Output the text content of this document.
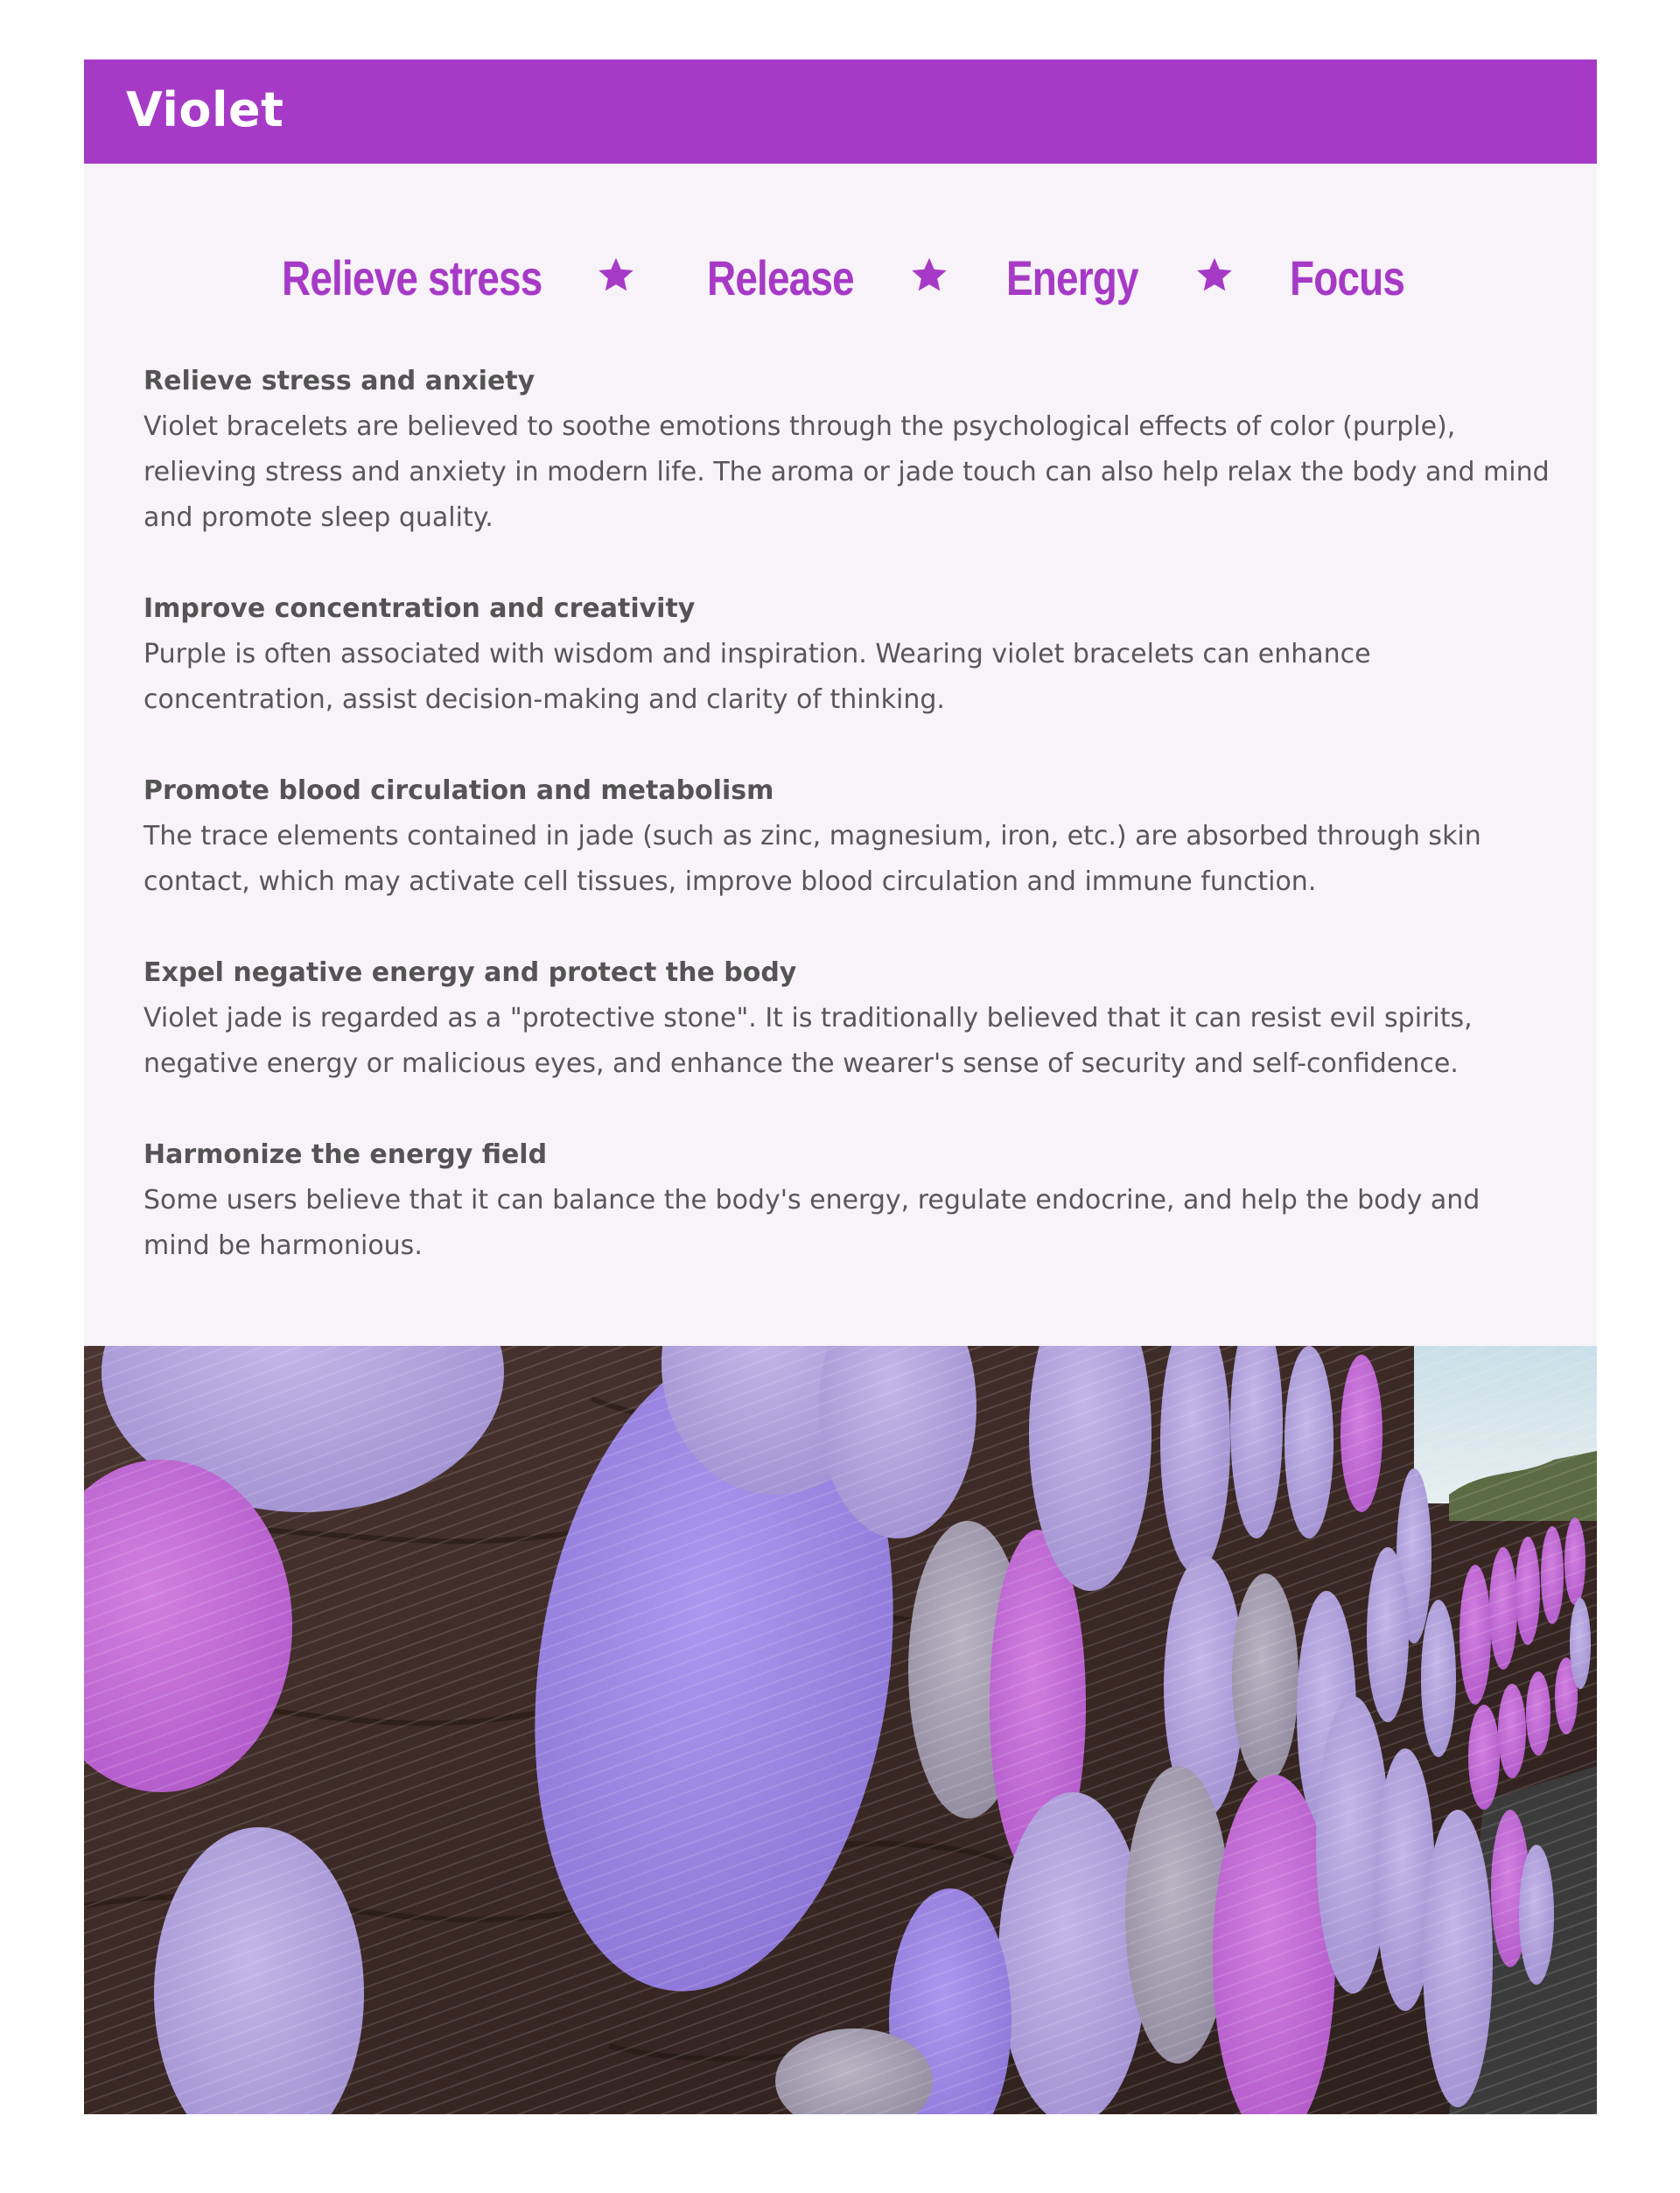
Violet
Relieve stress	Release	Energy	Focus
Relieve stress and anxiety
Violet bracelets are believed to soothe emotions through the psychological effects of color (purple), relieving stress and anxiety in modern life. The aroma or jade touch can also help relax the body and mind and promote sleep quality.
Improve concentration and creativity
Purple is often associated with wisdom and inspiration. Wearing violet bracelets can enhance concentration, assist decision-making and clarity of thinking.
Promote blood circulation and metabolism
The trace elements contained in jade (such as zinc, magnesium, iron, etc.) are absorbed through skin contact, which may activate cell tissues, improve blood circulation and immune function.
Expel negative energy and protect the body
Violet jade is regarded as a "protective stone". It is traditionally believed that it can resist evil spirits, negative energy or malicious eyes, and enhance the wearer's sense of security and self-confidence.
Harmonize the energy field
Some users believe that it can balance the body's energy, regulate endocrine, and help the body and mind be harmonious.
